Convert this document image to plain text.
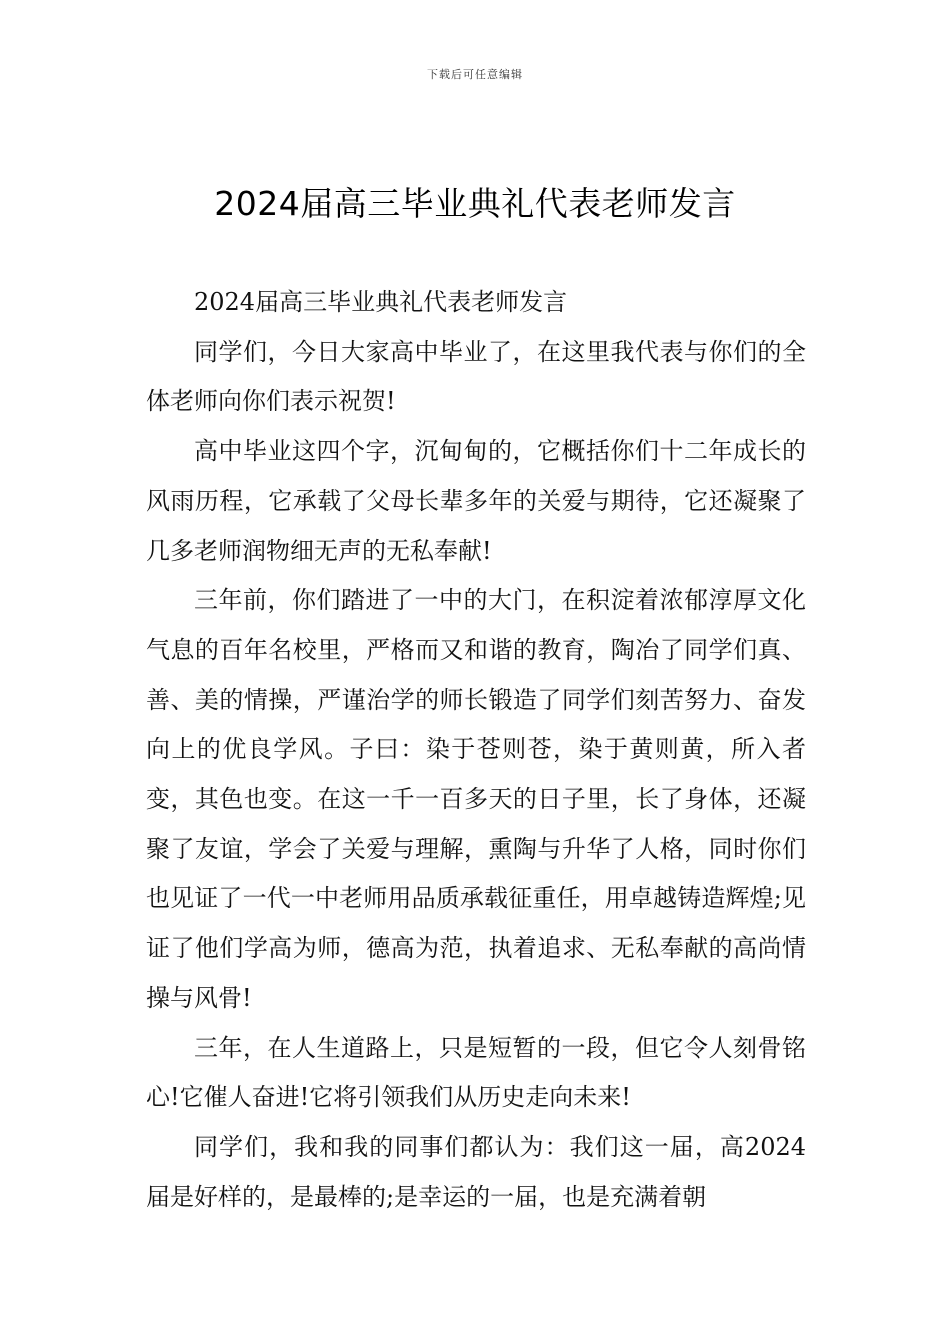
下载后可任意编辑
2024届高三毕业典礼代表老师发言

2024届高三毕业典礼代表老师发言

同学们，今日大家高中毕业了，在这里我代表与你们的全体老师向你们表示祝贺!

高中毕业这四个字，沉甸甸的，它概括你们十二年成长的风雨历程，它承载了父母长辈多年的关爱与期待，它还凝聚了几多老师润物细无声的无私奉献!

三年前，你们踏进了一中的大门，在积淀着浓郁淳厚文化气息的百年名校里，严格而又和谐的教育，陶冶了同学们真、善、美的情操，严谨治学的师长锻造了同学们刻苦努力、奋发向上的优良学风。子曰：染于苍则苍，染于黄则黄，所入者变，其色也变。在这一千一百多天的日子里，长了身体，还凝聚了友谊，学会了关爱与理解，熏陶与升华了人格，同时你们也见证了一代一中老师用品质承载征重任，用卓越铸造辉煌;见证了他们学高为师，德高为范，执着追求、无私奉献的高尚情操与风骨!

三年，在人生道路上，只是短暂的一段，但它令人刻骨铭心!它催人奋进!它将引领我们从历史走向未来!

同学们，我和我的同事们都认为：我们这一届，高2024届是好样的，是最棒的;是幸运的一届，也是充满着朝
